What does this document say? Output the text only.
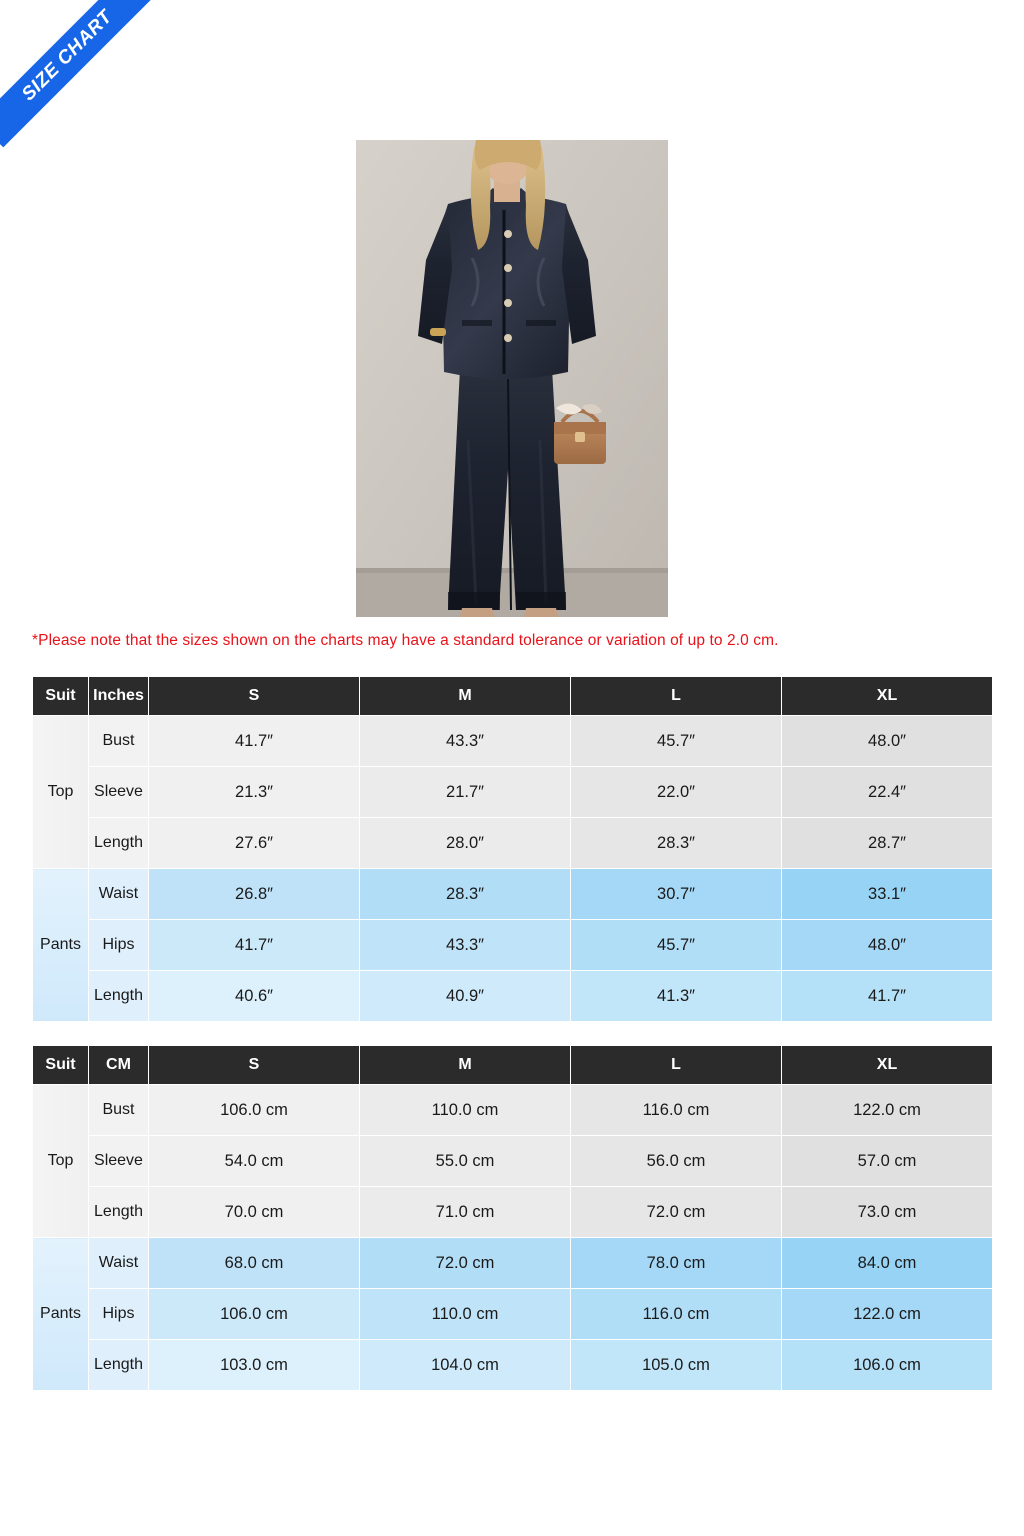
SIZE CHART
*Please note that the sizes shown on the charts may have a standard tolerance or variation of up to 2.0 cm.
Suit	Inches	S	M	L	XL
Top	Bust	41.7″	43.3″	45.7″	48.0″
	Sleeve	21.3″	21.7″	22.0″	22.4″
	Length	27.6″	28.0″	28.3″	28.7″
Pants	Waist	26.8″	28.3″	30.7″	33.1″
	Hips	41.7″	43.3″	45.7″	48.0″
	Length	40.6″	40.9″	41.3″	41.7″
Suit	CM	S	M	L	XL
Top	Bust	106.0 cm	110.0 cm	116.0 cm	122.0 cm
	Sleeve	54.0 cm	55.0 cm	56.0 cm	57.0 cm
	Length	70.0 cm	71.0 cm	72.0 cm	73.0 cm
Pants	Waist	68.0 cm	72.0 cm	78.0 cm	84.0 cm
	Hips	106.0 cm	110.0 cm	116.0 cm	122.0 cm
	Length	103.0 cm	104.0 cm	105.0 cm	106.0 cm
